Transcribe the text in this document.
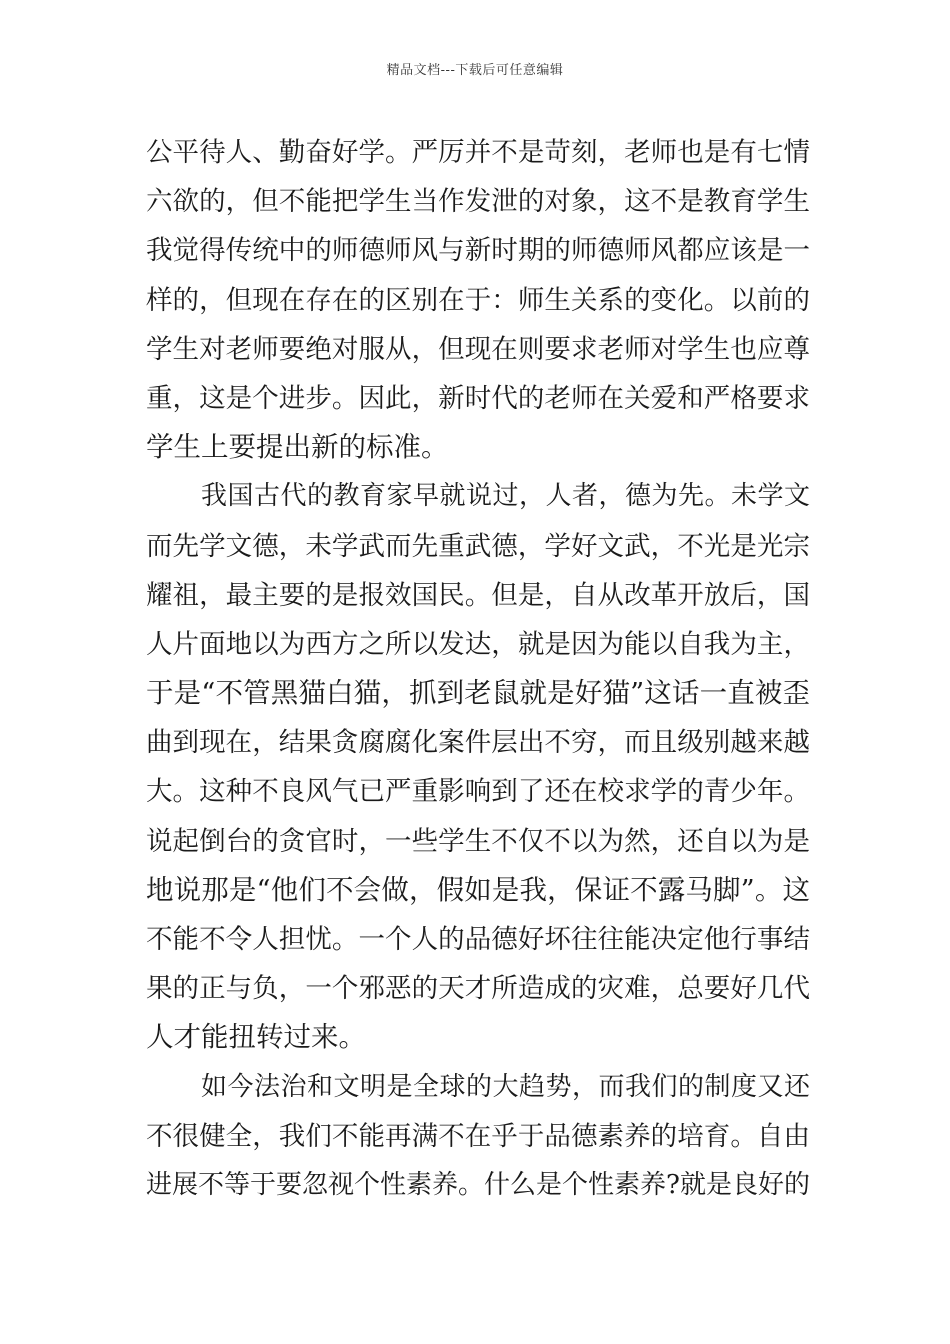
精品文档---下载后可任意编辑
公平待人、勤奋好学。严厉并不是苛刻，老师也是有七情
六欲的，但不能把学生当作发泄的对象，这不是教育学生
我觉得传统中的师德师风与新时期的师德师风都应该是一
样的，但现在存在的区别在于：师生关系的变化。以前的
学生对老师要绝对服从，但现在则要求老师对学生也应尊
重，这是个进步。因此，新时代的老师在关爱和严格要求
学生上要提出新的标准。
我国古代的教育家早就说过，人者，德为先。未学文
而先学文德，未学武而先重武德，学好文武，不光是光宗
耀祖，最主要的是报效国民。但是，自从改革开放后，国
人片面地以为西方之所以发达，就是因为能以自我为主，
于是“不管黑猫白猫，抓到老鼠就是好猫”这话一直被歪
曲到现在，结果贪腐腐化案件层出不穷，而且级别越来越
大。这种不良风气已严重影响到了还在校求学的青少年。
说起倒台的贪官时，一些学生不仅不以为然，还自以为是
地说那是“他们不会做，假如是我，保证不露马脚”。这
不能不令人担忧。一个人的品德好坏往往能决定他行事结
果的正与负，一个邪恶的天才所造成的灾难，总要好几代
人才能扭转过来。
如今法治和文明是全球的大趋势，而我们的制度又还
不很健全，我们不能再满不在乎于品德素养的培育。自由
进展不等于要忽视个性素养。什么是个性素养?就是良好的
